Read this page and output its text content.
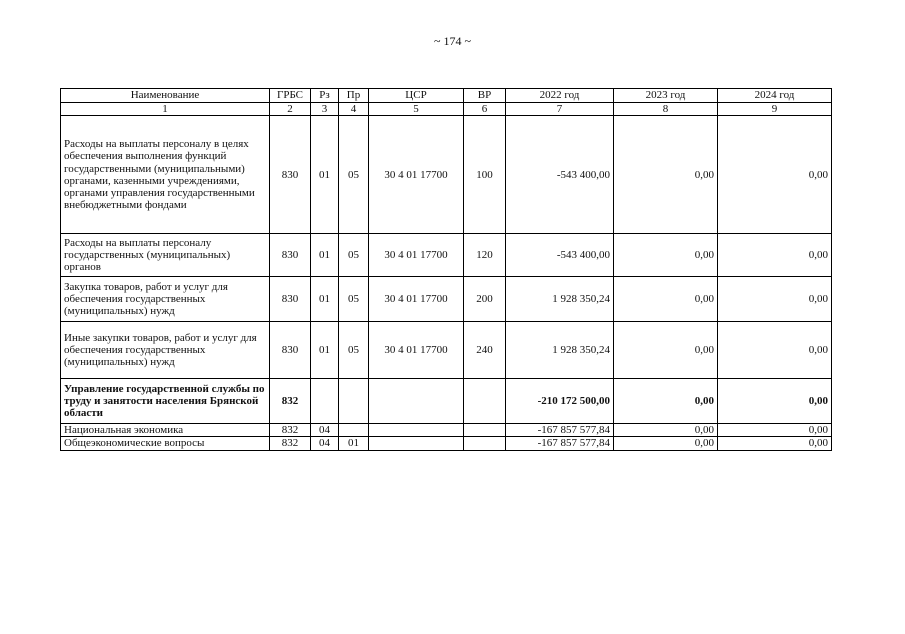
~ 174 ~
Наименование	ГРБС	Рз	Пр	ЦСР	ВР	2022 год	2023 год	2024 год
1	2	3	4	5	6	7	8	9
Расходы на выплаты персоналу в целях обеспечения выполнения функций государственными (муниципальными) органами, казенными учреждениями, органами управления государственными внебюджетными фондами	830	01	05	30 4 01 17700	100	-543 400,00	0,00	0,00
Расходы на выплаты персоналу государственных (муниципальных) органов	830	01	05	30 4 01 17700	120	-543 400,00	0,00	0,00
Закупка товаров, работ и услуг для обеспечения государственных (муниципальных) нужд	830	01	05	30 4 01 17700	200	1 928 350,24	0,00	0,00
Иные закупки товаров, работ и услуг для обеспечения государственных (муниципальных) нужд	830	01	05	30 4 01 17700	240	1 928 350,24	0,00	0,00
Управление государственной службы по труду и занятости населения Брянской области	832					-210 172 500,00	0,00	0,00
Национальная экономика	832	04				-167 857 577,84	0,00	0,00
Общеэкономические вопросы	832	04	01			-167 857 577,84	0,00	0,00
